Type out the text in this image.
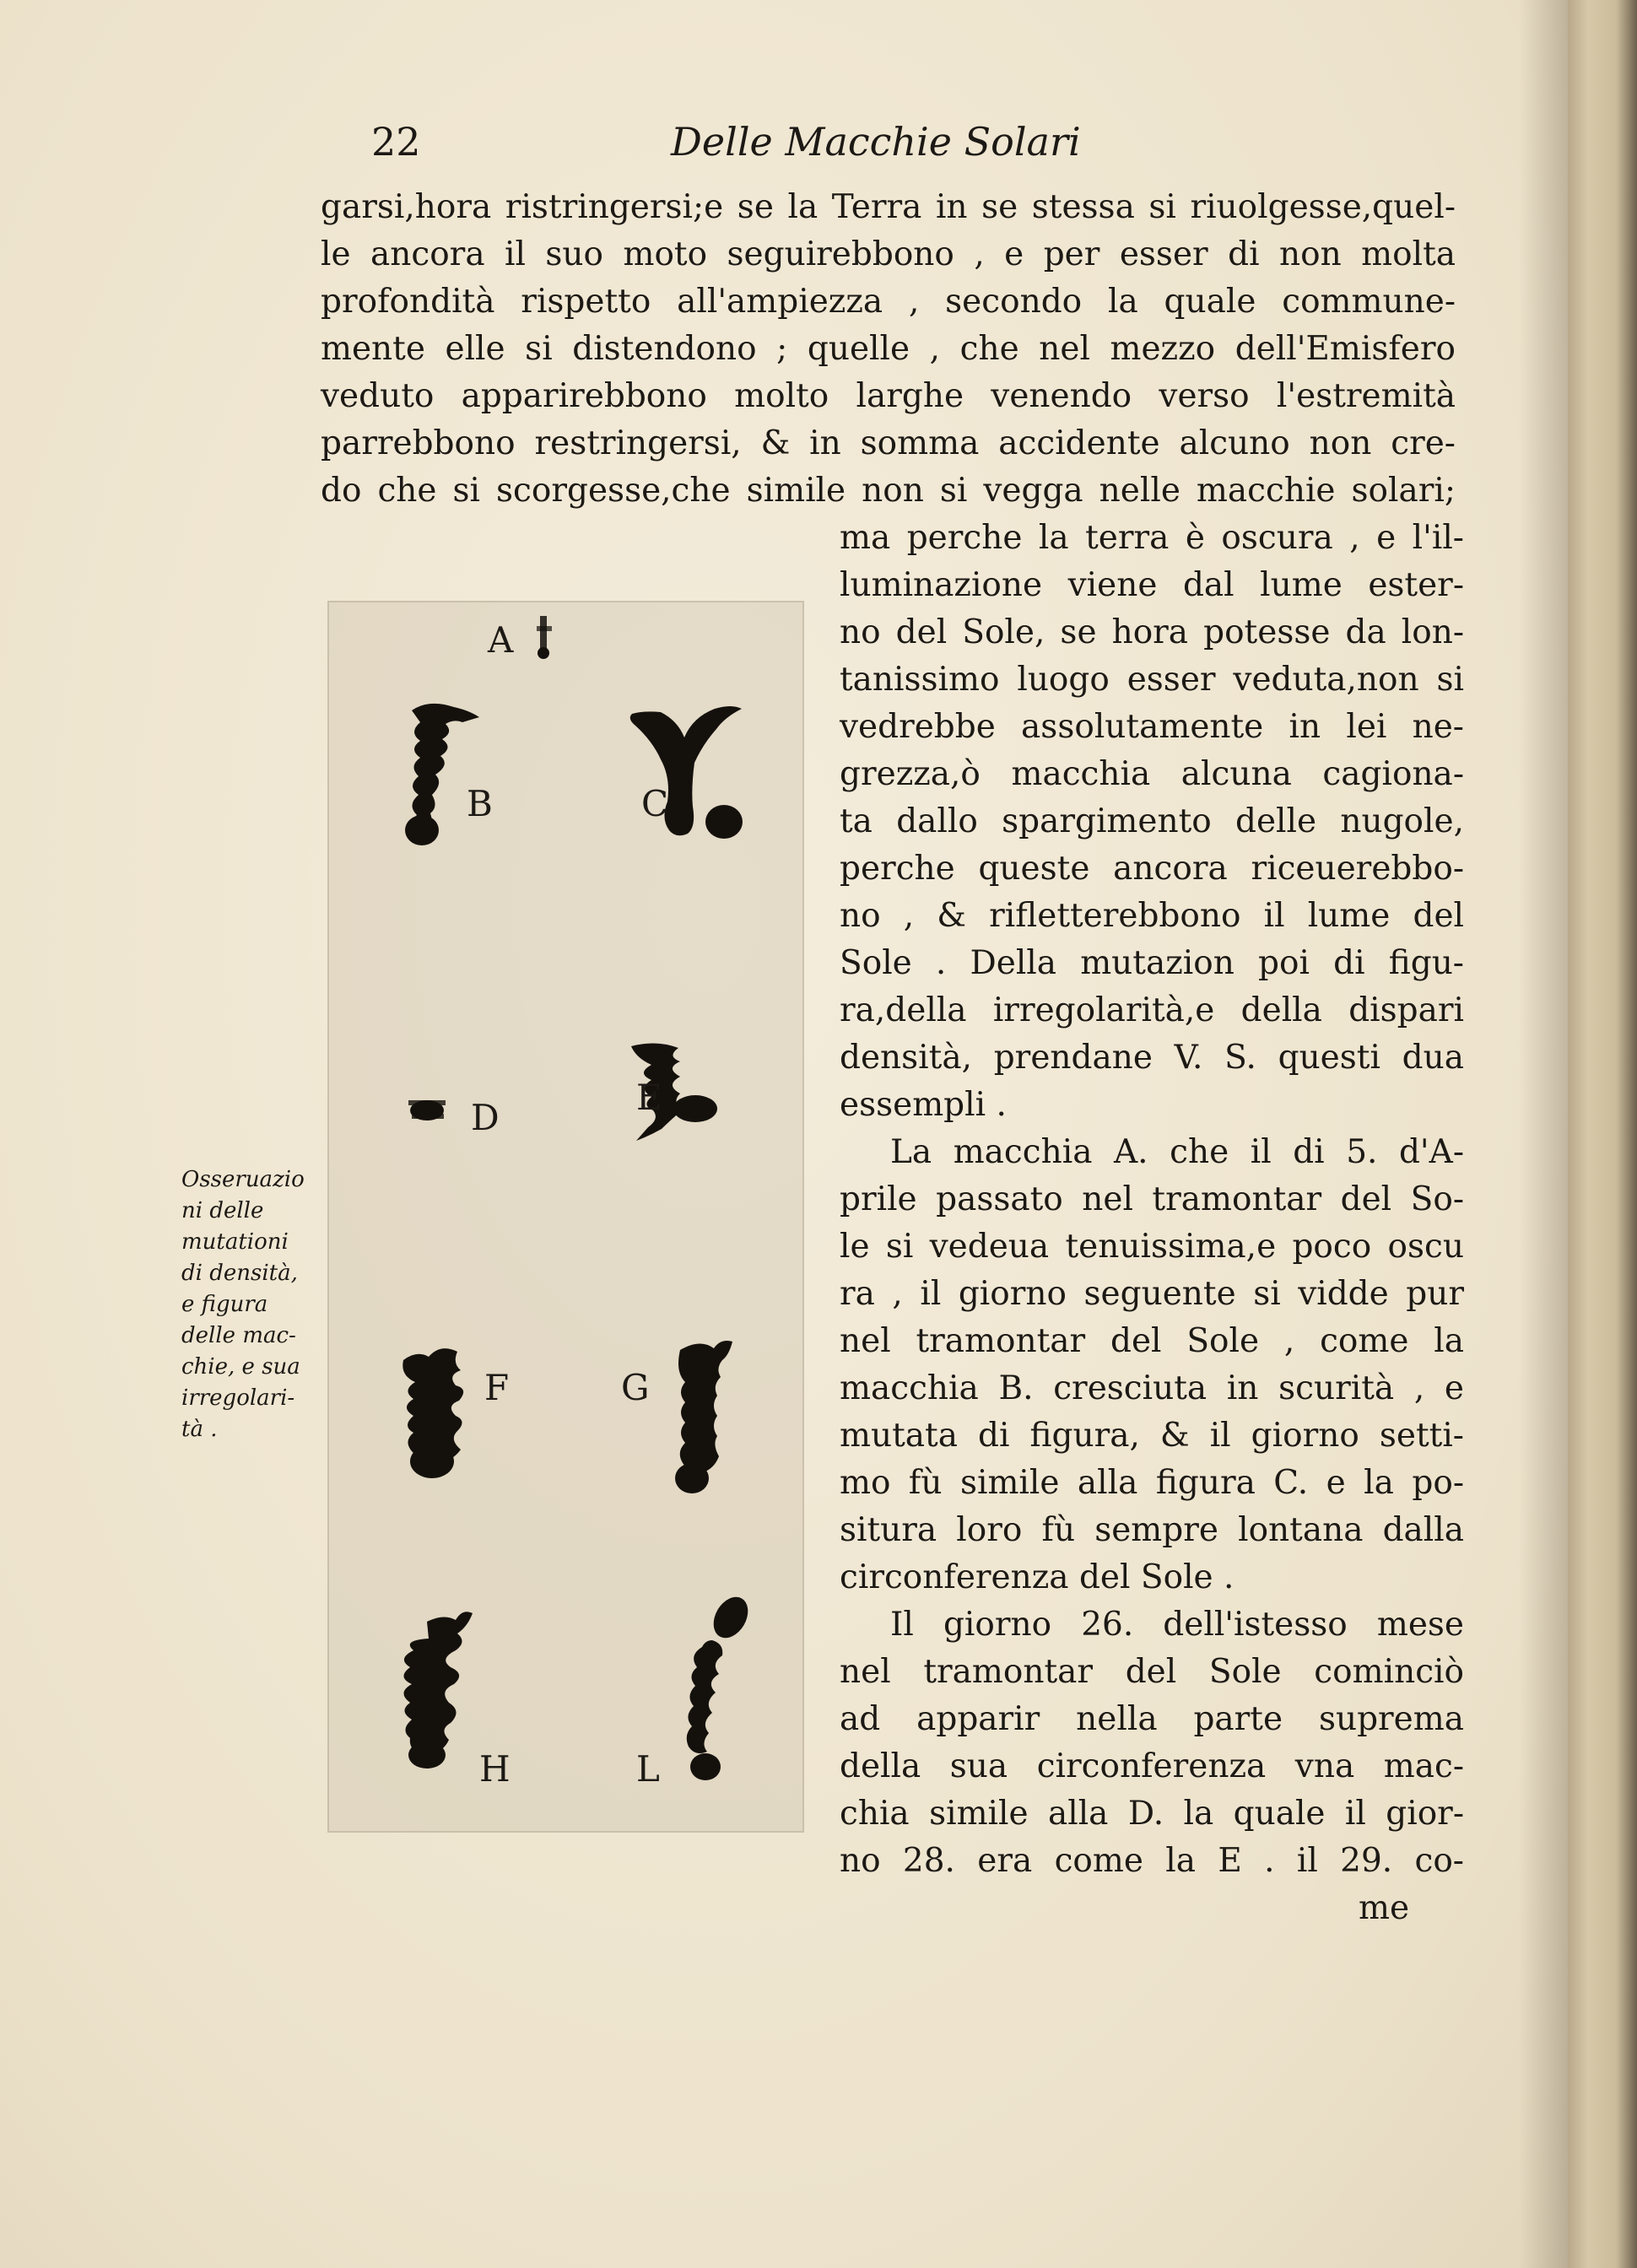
22	Delle Macchie Solari
garsi,hora ristringersi;e se la Terra in se stessa si riuolgesse,quel-
le ancora il suo moto seguirebbono , e per esser di non molta
profondità rispetto all'ampiezza , secondo la quale commune-
mente elle si distendono ; quelle , che nel mezzo dell'Emisfero
veduto apparirebbono molto larghe venendo verso l'estremità
parrebbono restringersi, & in somma accidente alcuno non cre-
do che si scorgesse,che simile non si vegga nelle macchie solari;
ma perche la terra è oscura , e l'il-
luminazione viene dal lume ester-
no del Sole, se hora potesse da lon-
tanissimo luogo esser veduta,non si
vedrebbe assolutamente in lei ne-
grezza,ò macchia alcuna cagiona-
ta dallo spargimento delle nugole,
perche queste ancora riceuerebbo-
no , & rifletterebbono il lume del
Sole . Della mutazion poi di figu-
ra,della irregolarità,e della dispari
densità, prendane V. S. questi dua
essempli .
La macchia A. che il di 5. d'A-
prile passato nel tramontar del So-
le si vedeua tenuissima,e poco oscu
ra , il giorno seguente si vidde pur
nel tramontar del Sole , come la
macchia B. cresciuta in scurità , e
mutata di figura, & il giorno setti-
mo fù simile alla figura C. e la po-
situra loro fù sempre lontana dalla
circonferenza del Sole .
Il giorno 26. dell'istesso mese
nel tramontar del Sole cominciò
ad apparir nella parte suprema
della sua circonferenza vna mac-
chia simile alla D. la quale il gior-
no 28. era come la E . il 29. co-
me
Osseruazio
ni delle
mutationi
di densità,
e figura
delle mac-
chie, e sua
irregolari-
tà .
A
B	C
D	E
F	G
H	L
